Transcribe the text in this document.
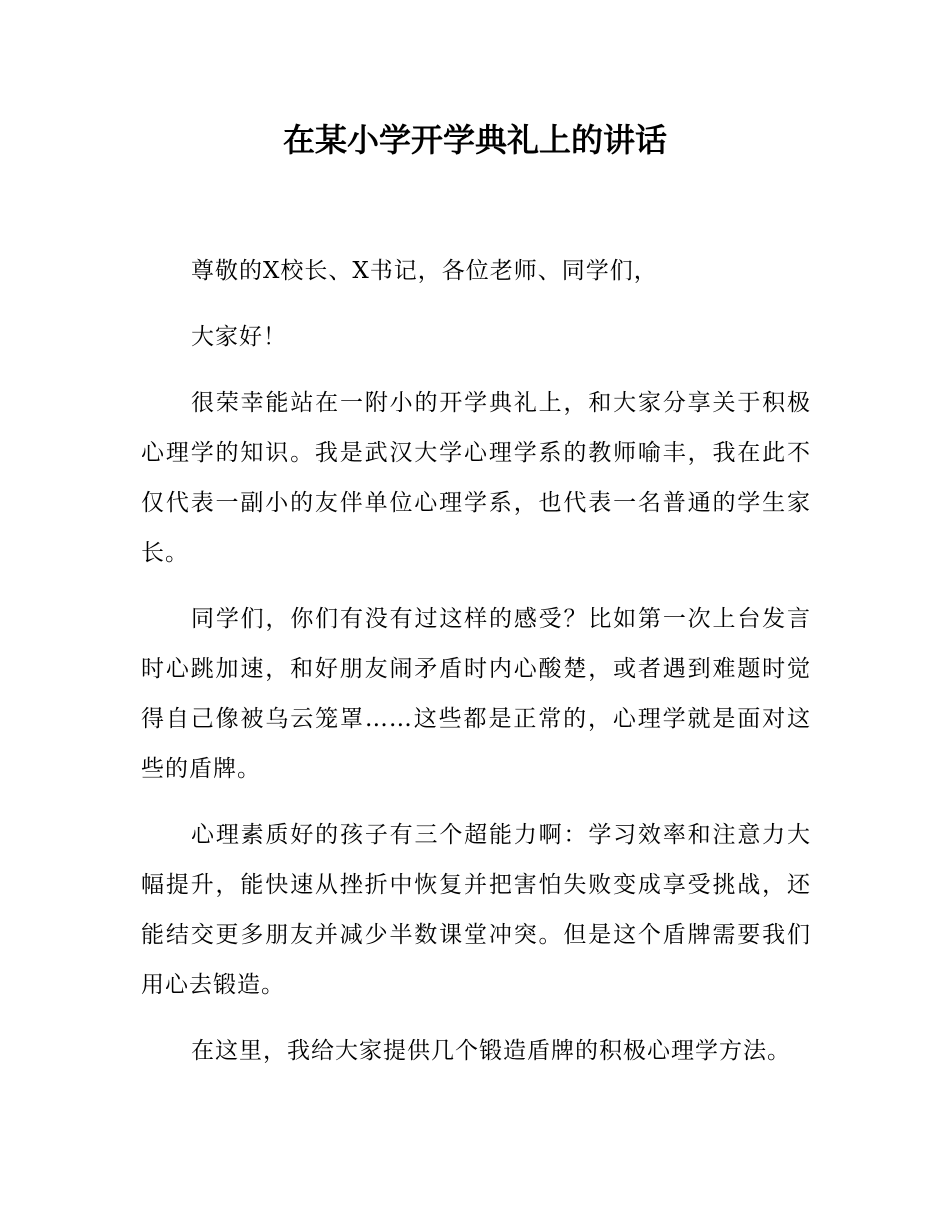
在某小学开学典礼上的讲话

尊敬的X校长、X书记，各位老师、同学们，

大家好！

很荣幸能站在一附小的开学典礼上，和大家分享关于积极心理学的知识。我是武汉大学心理学系的教师喻丰，我在此不仅代表一副小的友伴单位心理学系，也代表一名普通的学生家长。

同学们，你们有没有过这样的感受？比如第一次上台发言时心跳加速，和好朋友闹矛盾时内心酸楚，或者遇到难题时觉得自己像被乌云笼罩……这些都是正常的，心理学就是面对这些的盾牌。

心理素质好的孩子有三个超能力啊：学习效率和注意力大幅提升，能快速从挫折中恢复并把害怕失败变成享受挑战，还能结交更多朋友并减少半数课堂冲突。但是这个盾牌需要我们用心去锻造。

在这里，我给大家提供几个锻造盾牌的积极心理学方法。
